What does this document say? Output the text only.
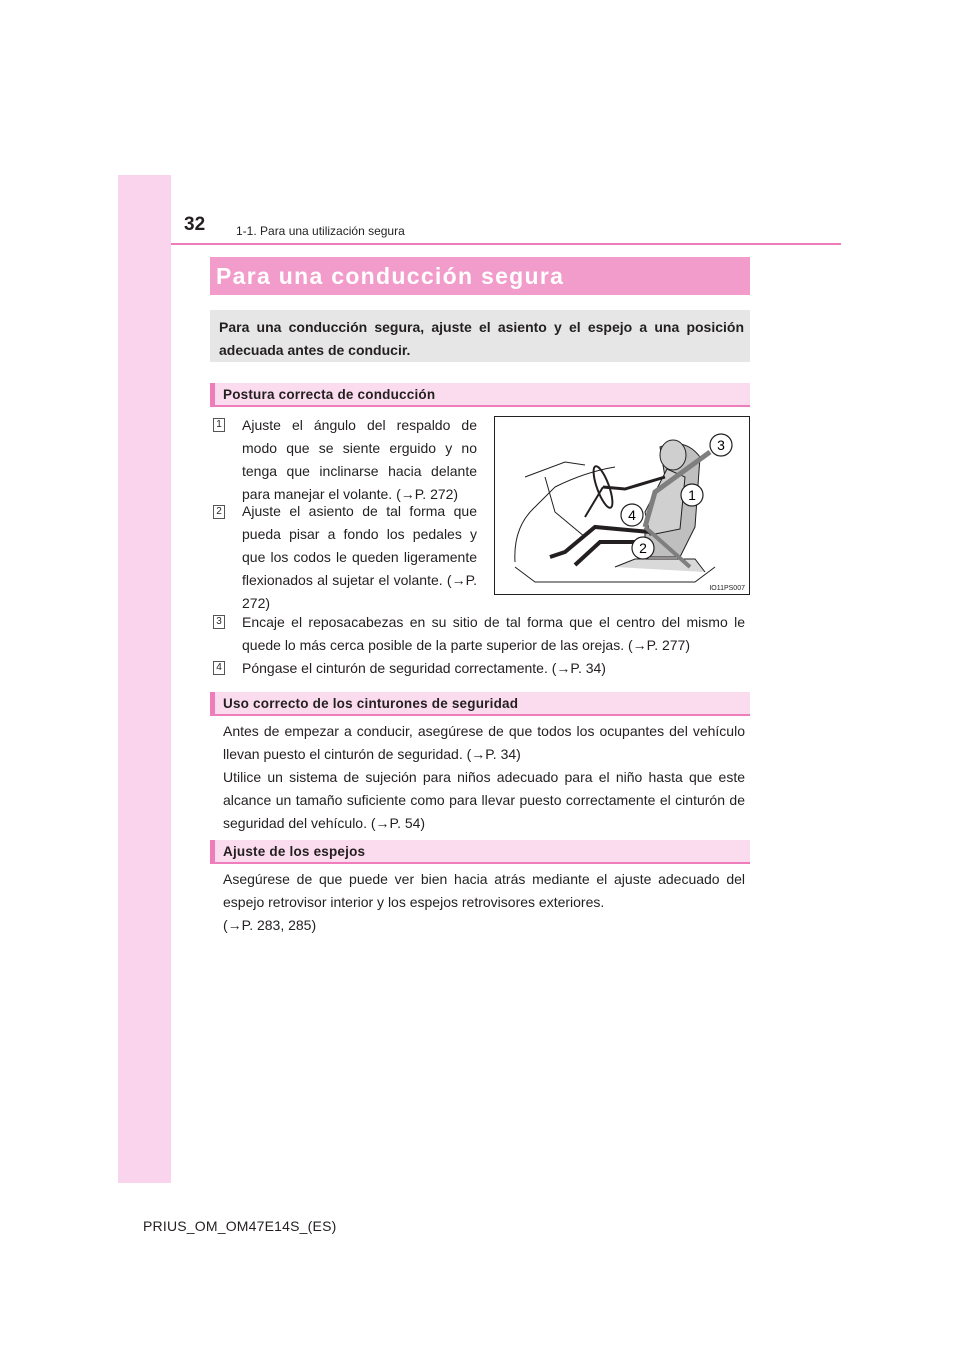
32	1-1. Para una utilización segura
Para una conducción segura
Para una conducción segura, ajuste el asiento y el espejo a una posición adecuada antes de conducir.
Postura correcta de conducción
1 Ajuste el ángulo del respaldo de modo que se siente erguido y no tenga que inclinarse hacia delante para manejar el volante. (→P. 272)
2 Ajuste el asiento de tal forma que pueda pisar a fondo los pedales y que los codos le queden ligeramente flexionados al sujetar el volante. (→P. 272)
3
1
4
2
IO11PS007
3 Encaje el reposacabezas en su sitio de tal forma que el centro del mismo le quede lo más cerca posible de la parte superior de las orejas. (→P. 277)
4 Póngase el cinturón de seguridad correctamente. (→P. 34)
Uso correcto de los cinturones de seguridad
Antes de empezar a conducir, asegúrese de que todos los ocupantes del vehículo llevan puesto el cinturón de seguridad. (→P. 34)
Utilice un sistema de sujeción para niños adecuado para el niño hasta que este alcance un tamaño suficiente como para llevar puesto correctamente el cinturón de seguridad del vehículo. (→P. 54)
Ajuste de los espejos
Asegúrese de que puede ver bien hacia atrás mediante el ajuste adecuado del espejo retrovisor interior y los espejos retrovisores exteriores.
(→P. 283, 285)
PRIUS_OM_OM47E14S_(ES)
